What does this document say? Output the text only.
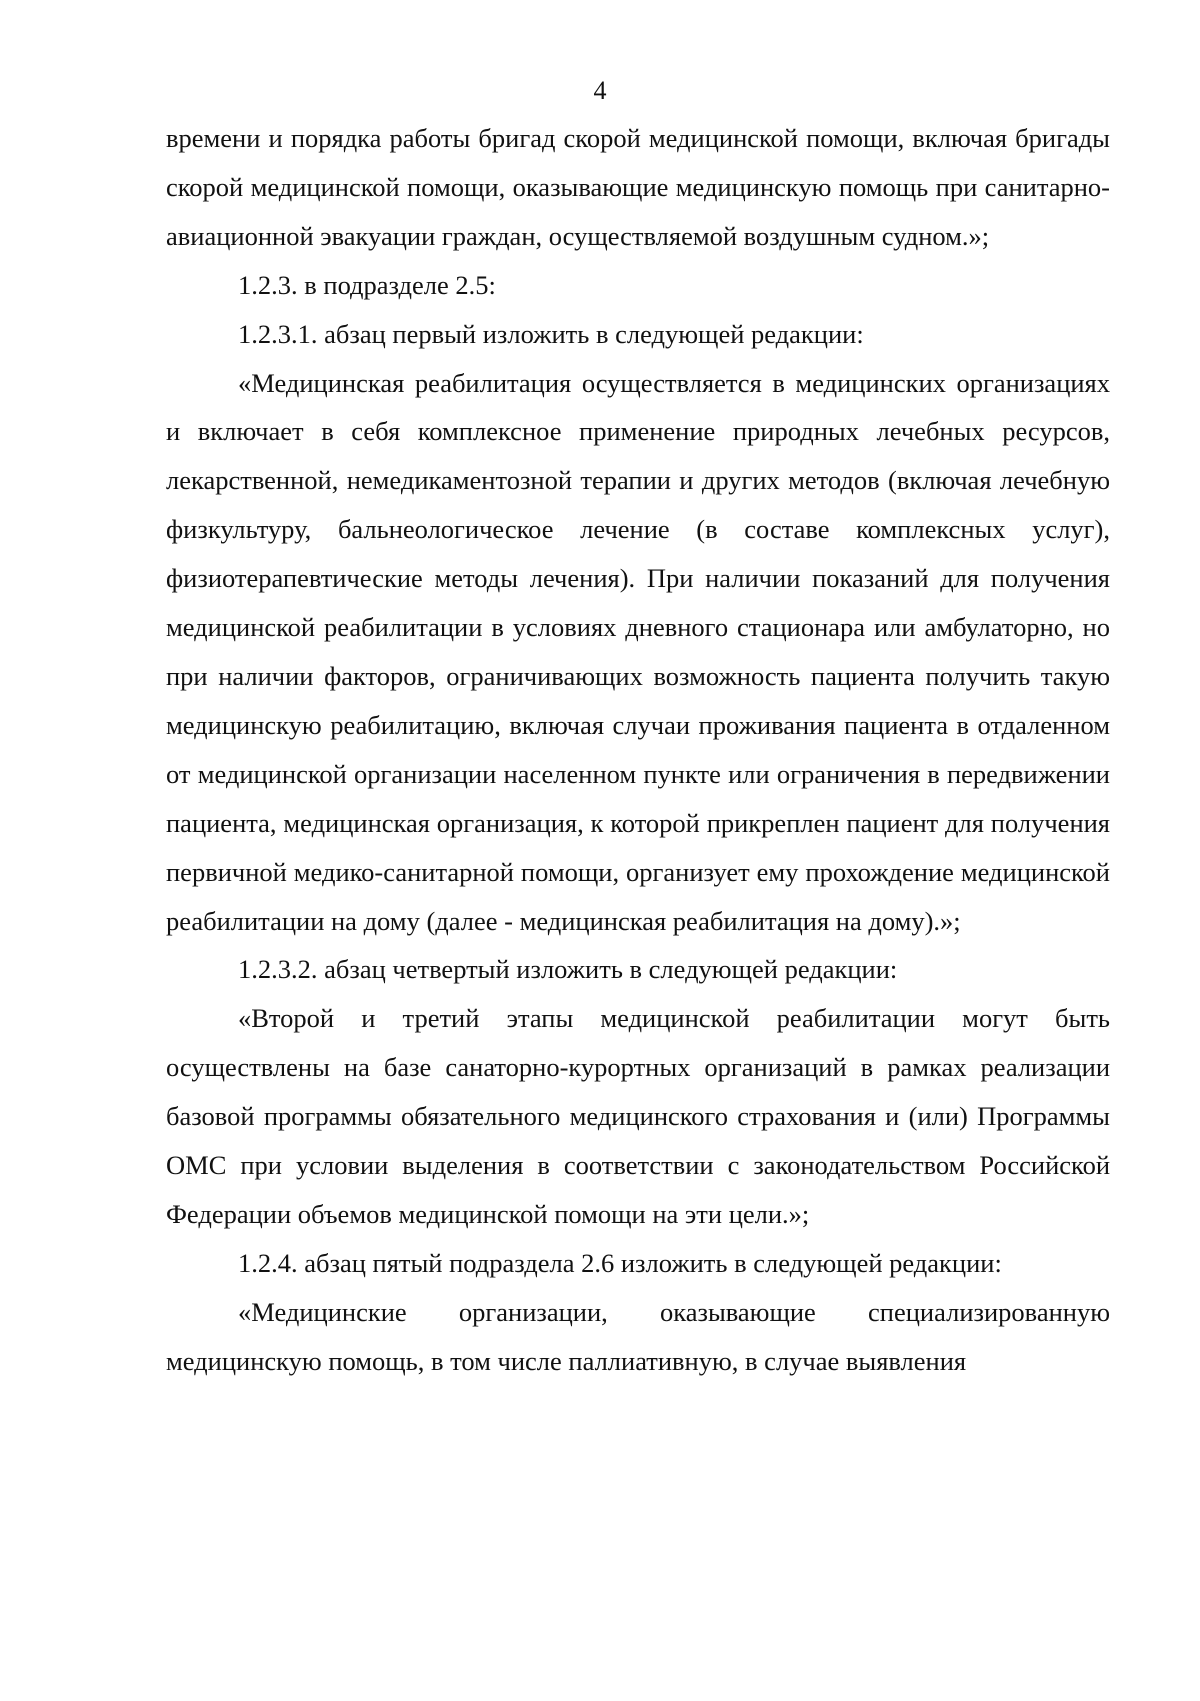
4

времени и порядка работы бригад скорой медицинской помощи, включая бригады скорой медицинской помощи, оказывающие медицинскую помощь при санитарно-авиационной эвакуации граждан, осуществляемой воздушным судном.»;

1.2.3. в подразделе 2.5:

1.2.3.1. абзац первый изложить в следующей редакции:

«Медицинская реабилитация осуществляется в медицинских организациях и включает в себя комплексное применение природных лечебных ресурсов, лекарственной, немедикаментозной терапии и других методов (включая лечебную физкультуру, бальнеологическое лечение (в составе комплексных услуг), физиотерапевтические методы лечения). При наличии показаний для получения медицинской реабилитации в условиях дневного стационара или амбулаторно, но при наличии факторов, ограничивающих возможность пациента получить такую медицинскую реабилитацию, включая случаи проживания пациента в отдаленном от медицинской организации населенном пункте или ограничения в передвижении пациента, медицинская организация, к которой прикреплен пациент для получения первичной медико-санитарной помощи, организует ему прохождение медицинской реабилитации на дому (далее - медицинская реабилитация на дому).»;

1.2.3.2. абзац четвертый изложить в следующей редакции:

«Второй и третий этапы медицинской реабилитации могут быть осуществлены на базе санаторно-курортных организаций в рамках реализации базовой программы обязательного медицинского страхования и (или) Программы ОМС при условии выделения в соответствии с законодательством Российской Федерации объемов медицинской помощи на эти цели.»;

1.2.4. абзац пятый подраздела 2.6 изложить в следующей редакции:

«Медицинские организации, оказывающие специализированную медицинскую помощь, в том числе паллиативную, в случае выявления
